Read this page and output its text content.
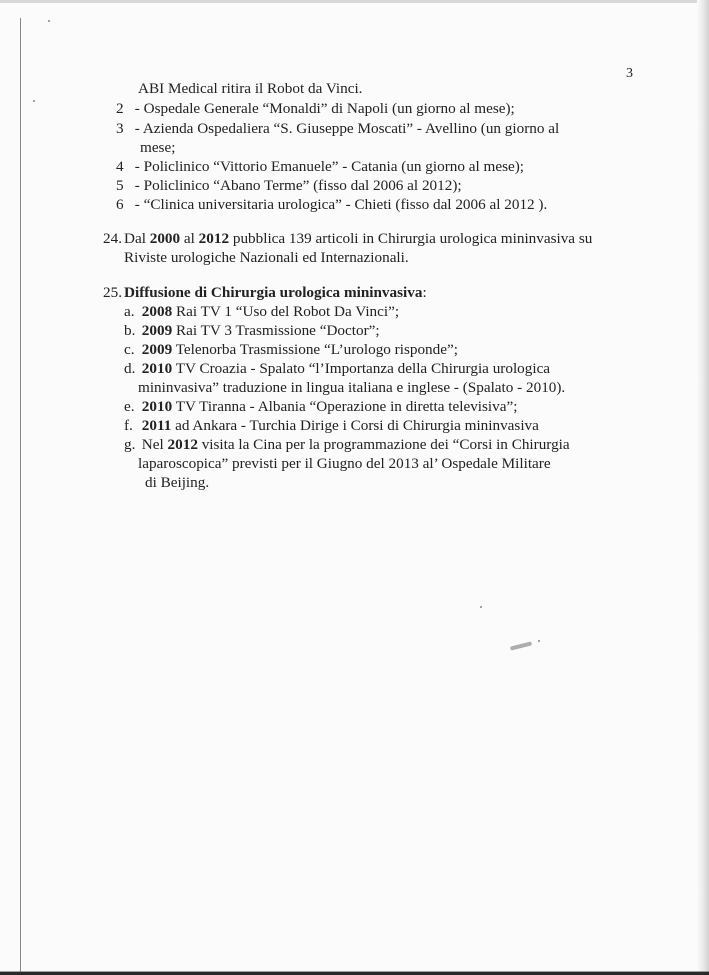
3
ABI Medical ritira il Robot da Vinci.
2 - Ospedale Generale “Monaldi” di Napoli (un giorno al mese);
3 - Azienda Ospedaliera “S. Giuseppe Moscati” - Avellino (un giorno al
mese;
4 - Policlinico “Vittorio Emanuele” - Catania (un giorno al mese);
5 - Policlinico “Abano Terme” (fisso dal 2006 al 2012);
6 - “Clinica universitaria urologica” - Chieti (fisso dal 2006 al 2012 ).
24. Dal 2000 al 2012 pubblica 139 articoli in Chirurgia urologica mininvasiva su
Riviste urologiche Nazionali ed Internazionali.
25. Diffusione di Chirurgia urologica mininvasiva:
a. 2008 Rai TV 1 “Uso del Robot Da Vinci”;
b. 2009 Rai TV 3 Trasmissione “Doctor”;
c. 2009 Telenorba Trasmissione “L’urologo risponde”;
d. 2010 TV Croazia - Spalato “l’Importanza della Chirurgia urologica
mininvasiva” traduzione in lingua italiana e inglese - (Spalato - 2010).
e. 2010 TV Tiranna - Albania “Operazione in diretta televisiva”;
f. 2011 ad Ankara - Turchia Dirige i Corsi di Chirurgia mininvasiva
g. Nel 2012 visita la Cina per la programmazione dei “Corsi in Chirurgia
laparoscopica” previsti per il Giugno del 2013 al’ Ospedale Militare
di Beijing.
